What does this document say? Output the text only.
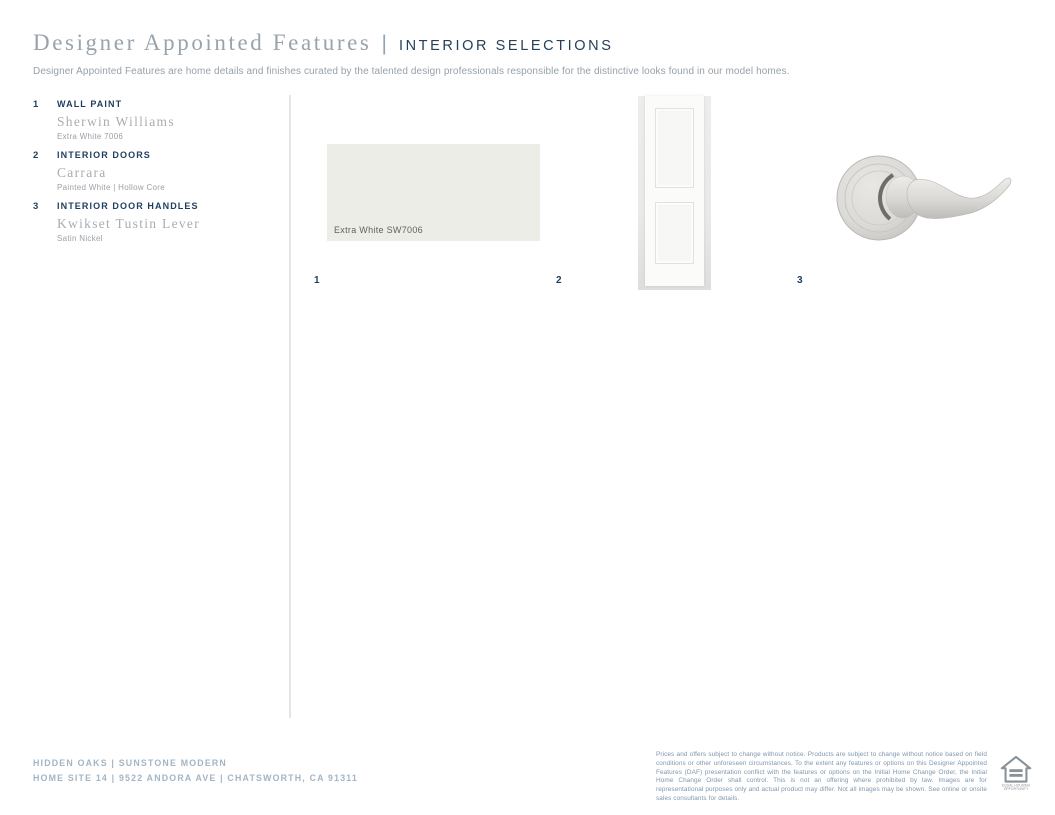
Designer Appointed Features | INTERIOR SELECTIONS
Designer Appointed Features are home details and finishes curated by the talented design professionals responsible for the distinctive looks found in our model homes.
1	WALL PAINT
Sherwin Williams
Extra White 7006
2	INTERIOR DOORS
Carrara
Painted White | Hollow Core
3	INTERIOR DOOR HANDLES
Kwikset Tustin Lever
Satin Nickel
Extra White SW7006
1	2	3
HIDDEN OAKS | SUNSTONE MODERN
HOME SITE 14 | 9522 ANDORA AVE | CHATSWORTH, CA 91311
Prices and offers subject to change without notice. Products are subject to change without notice based on field conditions or other unforeseen circumstances. To the extent any features or options on this Designer Appointed Features (DAF) presentation conflict with the features or options on the Initial Home Change Order, the Initial Home Change Order shall control. This is not an offering where prohibited by law. Images are for representational purposes only and actual product may differ. Not all images may be shown. See online or onsite sales consultants for details.
EQUAL HOUSING
OPPORTUNITY
